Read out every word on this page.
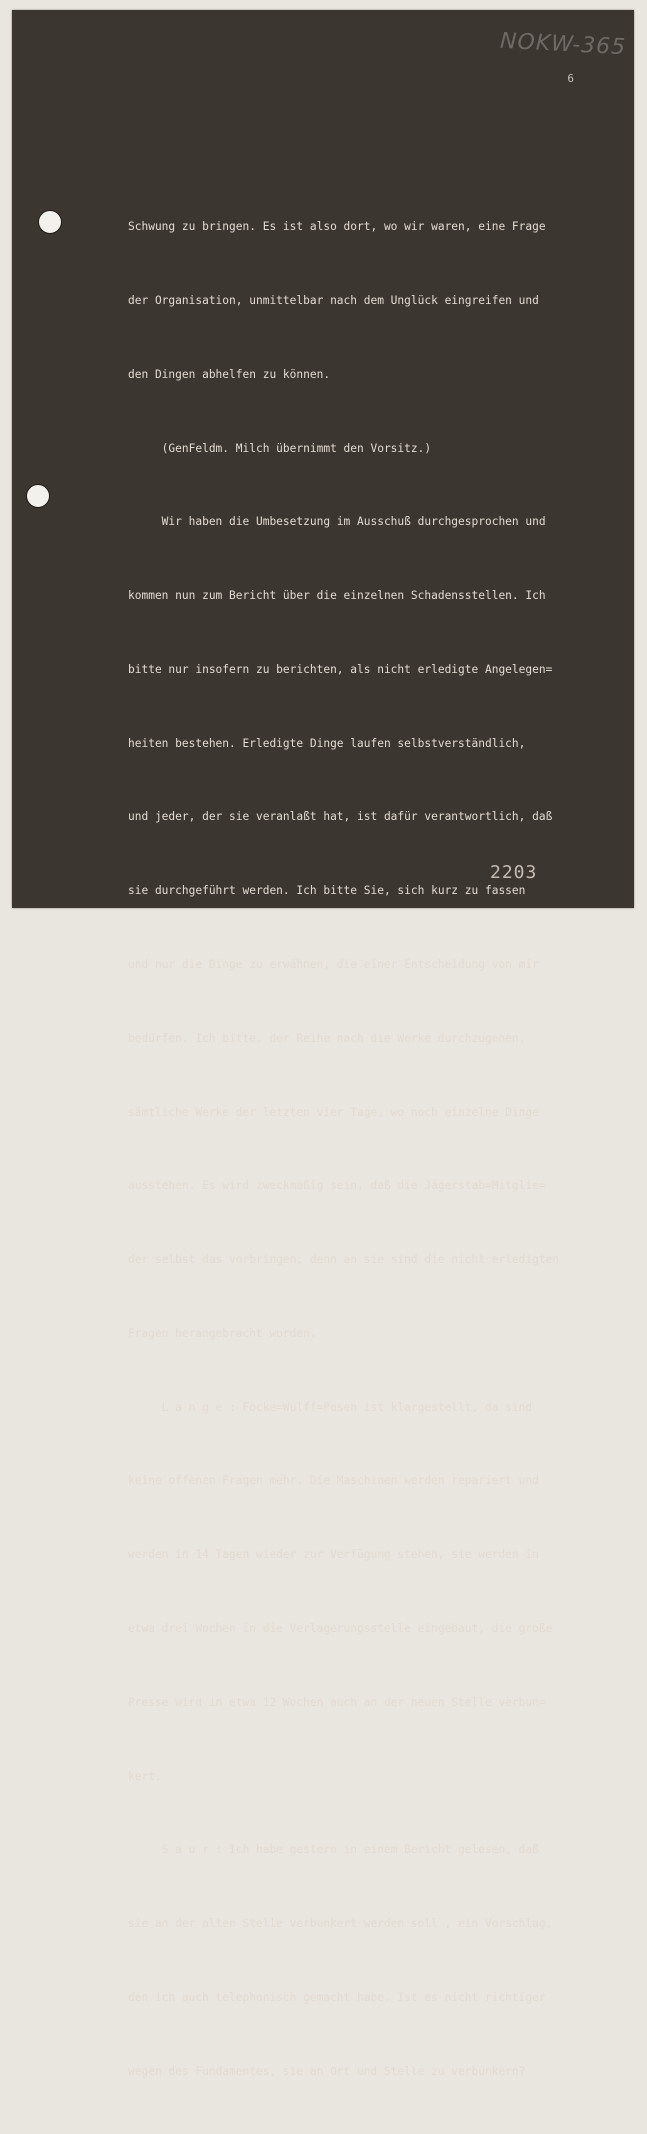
NOKW-365
6

Schwung zu bringen. Es ist also dort, wo wir waren, eine Frage

der Organisation, unmittelbar nach dem Unglück eingreifen und

den Dingen abhelfen zu können.

(GenFeldm. Milch übernimmt den Vorsitz.)

Wir haben die Umbesetzung im Ausschuß durchgesprochen und

kommen nun zum Bericht über die einzelnen Schadensstellen. Ich

bitte nur insofern zu berichten, als nicht erledigte Angelegen=

heiten bestehen. Erledigte Dinge laufen selbstverständlich,

und jeder, der sie veranlaßt hat, ist dafür verantwortlich, daß

sie durchgeführt werden. Ich bitte Sie, sich kurz zu fassen

und nur die Dinge zu erwähnen, die einer Entscheidung von mir

bedürfen. Ich bitte, der Reihe nach die Werke durchzugehen,

sämtliche Werke der letzten vier Tage, wo noch einzelne Dinge

ausstehen. Es wird zweckmäßig sein, daß die Jägerstab=Mitglie=

der selbst das vorbringen; denn an sie sind die nicht erledigten

Fragen herangebracht worden.

L a n g e : Focke=Wulff=Posen ist klargestellt, da sind

keine offenen Fragen mehr. Die Maschinen werden repariert und

werden in 14 Tagen wieder zur Verfügung stehen, sie werden in

etwa drei Wochen in die Verlagerungsstelle eingebaut, die große

Presse wird in etwa 12 Wochen auch an der neuen Stelle verbun=

kert.

S a u r : Ich habe gestern in einem Bericht gelesen, daß

sie an der alten Stelle verbunkert werden soll , ein Vorschlag,

den ich auch telephonisch gemacht habe. Ist es nicht richtiger

wegen des Fundamentes, sie an Ort und Stelle zu verbunkern?

2203
